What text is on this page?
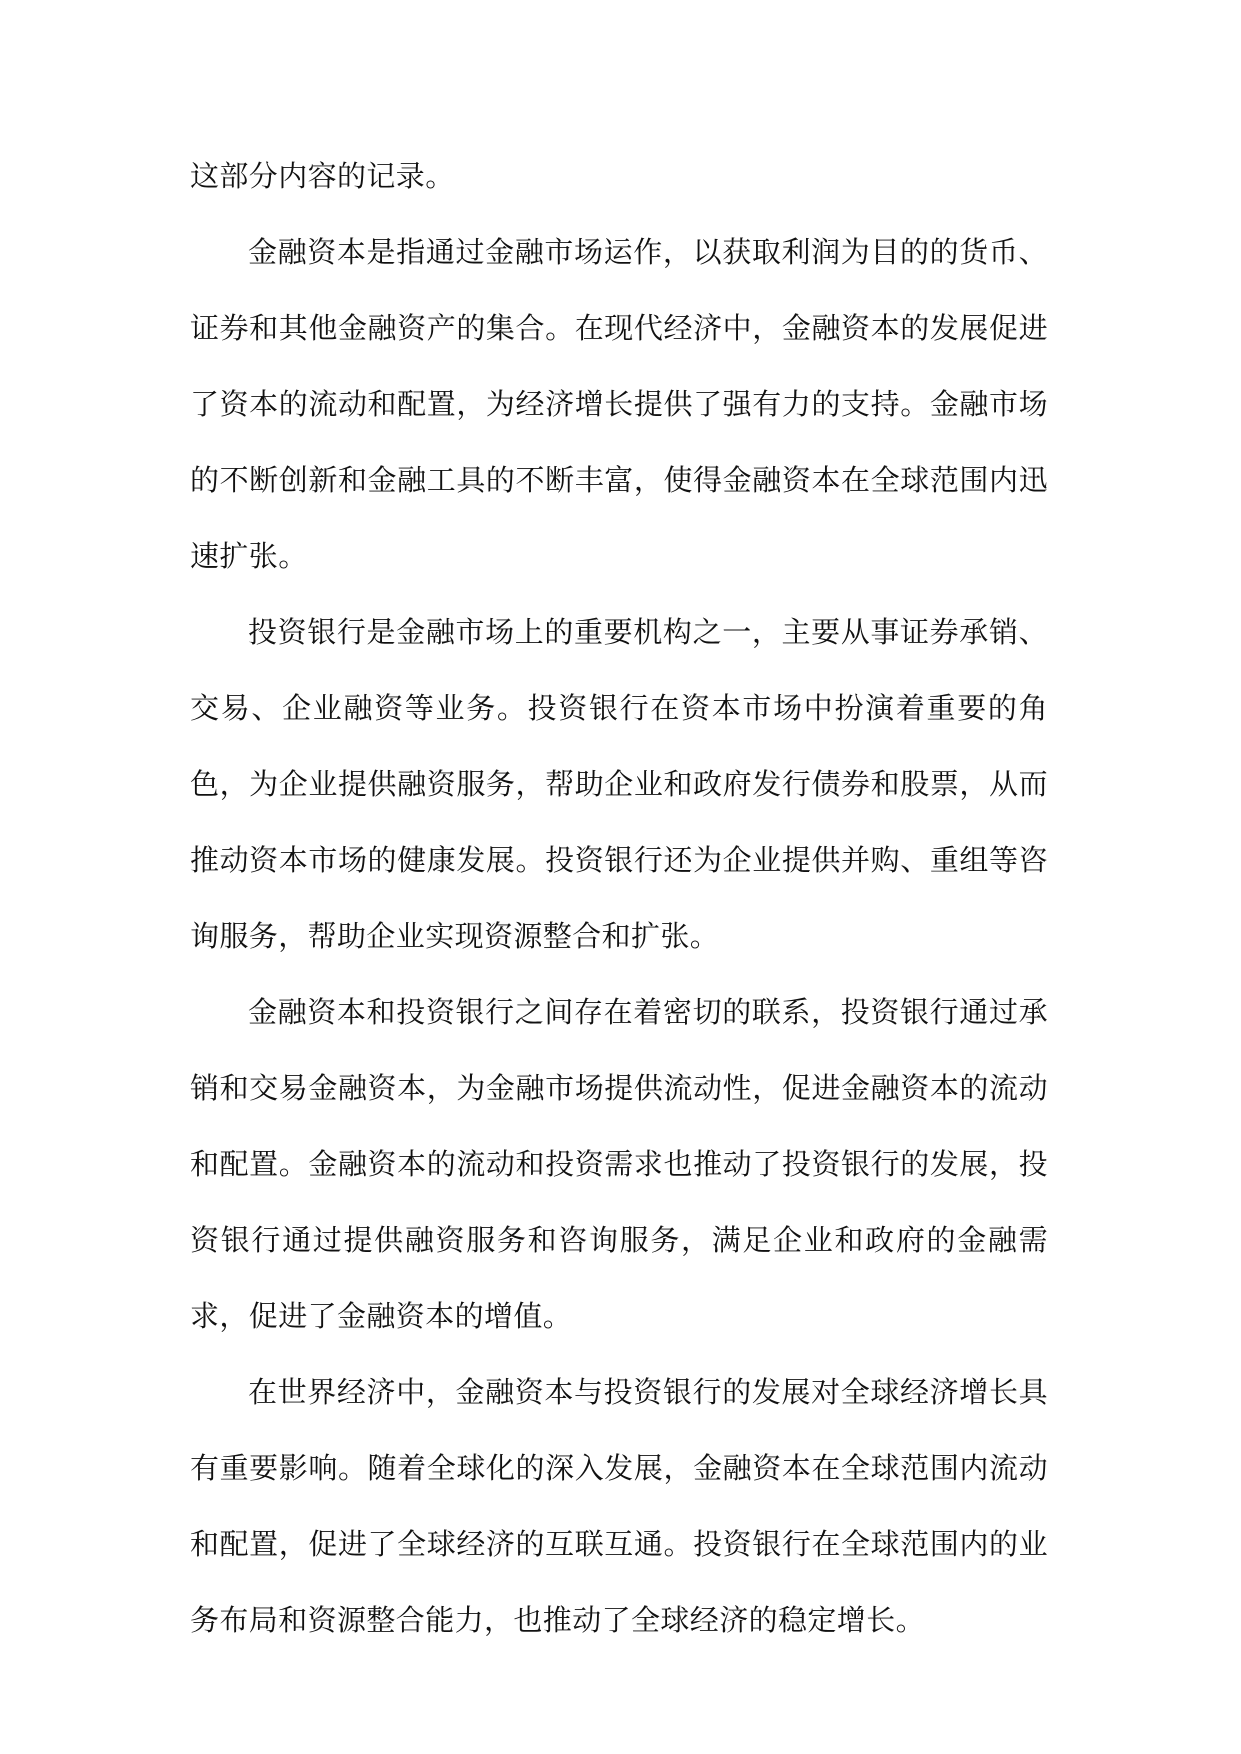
这部分内容的记录。

金融资本是指通过金融市场运作，以获取利润为目的的货币、证券和其他金融资产的集合。在现代经济中，金融资本的发展促进了资本的流动和配置，为经济增长提供了强有力的支持。金融市场的不断创新和金融工具的不断丰富，使得金融资本在全球范围内迅速扩张。

投资银行是金融市场上的重要机构之一，主要从事证券承销、交易、企业融资等业务。投资银行在资本市场中扮演着重要的角色，为企业提供融资服务，帮助企业和政府发行债券和股票，从而推动资本市场的健康发展。投资银行还为企业提供并购、重组等咨询服务，帮助企业实现资源整合和扩张。

金融资本和投资银行之间存在着密切的联系，投资银行通过承销和交易金融资本，为金融市场提供流动性，促进金融资本的流动和配置。金融资本的流动和投资需求也推动了投资银行的发展，投资银行通过提供融资服务和咨询服务，满足企业和政府的金融需求，促进了金融资本的增值。

在世界经济中，金融资本与投资银行的发展对全球经济增长具有重要影响。随着全球化的深入发展，金融资本在全球范围内流动和配置，促进了全球经济的互联互通。投资银行在全球范围内的业务布局和资源整合能力，也推动了全球经济的稳定增长。
